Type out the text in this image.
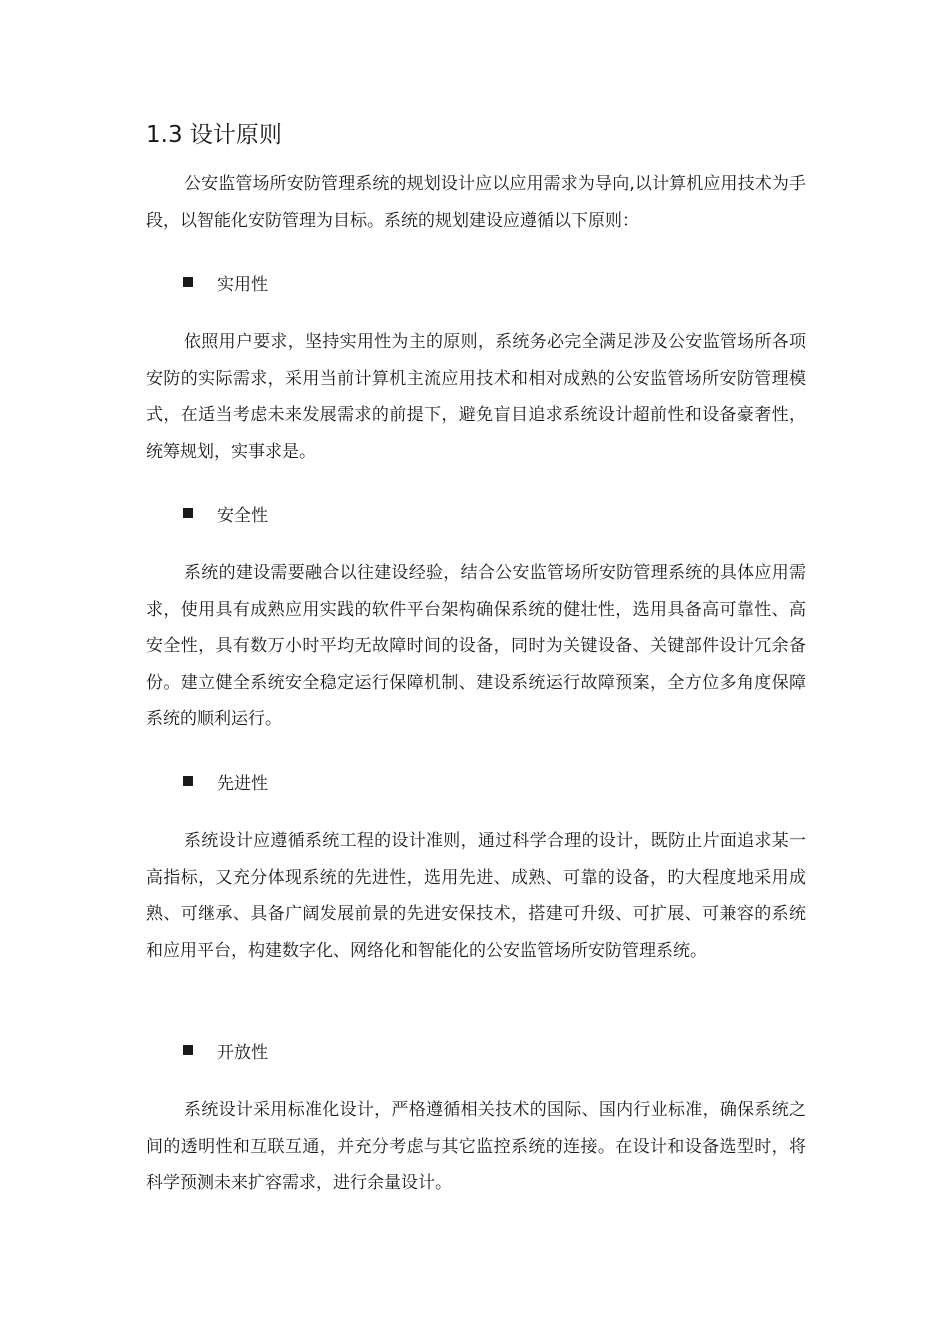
1.3 设计原则

公安监管场所安防管理系统的规划设计应以应用需求为导向,以计算机应用技术为手段，以智能化安防管理为目标。系统的规划建设应遵循以下原则：

实用性

依照用户要求，坚持实用性为主的原则，系统务必完全满足涉及公安监管场所各项安防的实际需求，采用当前计算机主流应用技术和相对成熟的公安监管场所安防管理模式，在适当考虑未来发展需求的前提下，避免盲目追求系统设计超前性和设备豪奢性，统筹规划，实事求是。

安全性

系统的建设需要融合以往建设经验，结合公安监管场所安防管理系统的具体应用需求，使用具有成熟应用实践的软件平台架构确保系统的健壮性，选用具备高可靠性、高安全性，具有数万小时平均无故障时间的设备，同时为关键设备、关键部件设计冗余备份。建立健全系统安全稳定运行保障机制、建设系统运行故障预案，全方位多角度保障系统的顺利运行。

先进性

系统设计应遵循系统工程的设计准则，通过科学合理的设计，既防止片面追求某一高指标，又充分体现系统的先进性，选用先进、成熟、可靠的设备，旳大程度地采用成熟、可继承、具备广阔发展前景的先进安保技术，搭建可升级、可扩展、可兼容的系统和应用平台，构建数字化、网络化和智能化的公安监管场所安防管理系统。

开放性

系统设计采用标准化设计，严格遵循相关技术的国际、国内行业标准，确保系统之间的透明性和互联互通，并充分考虑与其它监控系统的连接。在设计和设备选型时，将科学预测未来扩容需求，进行余量设计。
